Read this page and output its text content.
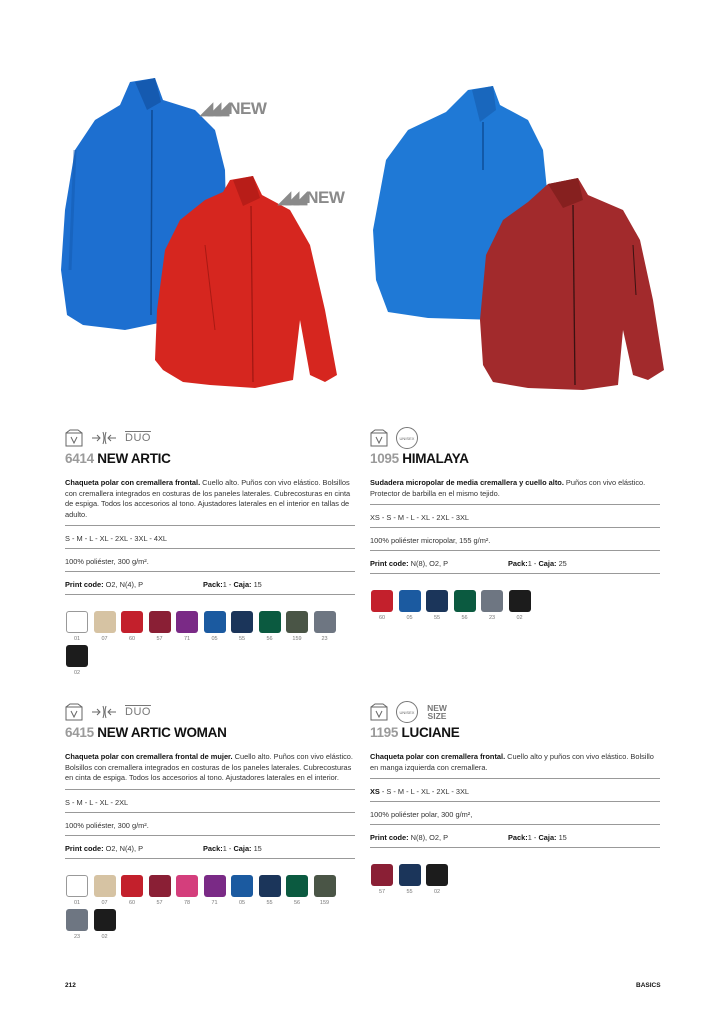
◢◢◢ NEW
◢◢◢ NEW
$\overline{DUO}$
6414 NEW ARTIC
Chaqueta polar con cremallera frontal. Cuello alto. Puños con vivo elástico. Bolsillos con cremallera integrados en costuras de los paneles laterales. Cubrecosturas en cinta de espiga. Todos los accesorios al tono. Ajustadores laterales en el interior en tallas de adulto.
S - M - L - XL - 2XL - 3XL - 4XL
100% poliéster, 300 g/m².
Print code: O2, N(4), P	Pack:1 - Caja: 15
01	07	60	57	71	05	55	56	159	23
02
UNISEX
1095 HIMALAYA
Sudadera micropolar de media cremallera y cuello alto. Puños con vivo elástico. Protector de barbilla en el mismo tejido.
XS - S - M - L - XL - 2XL - 3XL
100% poliéster micropolar, 155 g/m².
Print code: N(8), O2, P	Pack:1 - Caja: 25
60	05	55	56	23	02
$\overline{DUO}$
6415 NEW ARTIC WOMAN
Chaqueta polar con cremallera frontal de mujer. Cuello alto. Puños con vivo elástico. Bolsillos con cremallera integrados en costuras de los paneles laterales. Cubrecosturas en cinta de espiga. Todos los accesorios al tono. Ajustadores laterales en el interior.
S - M - L - XL - 2XL
100% poliéster, 300 g/m².
Print code: O2, N(4), P	Pack:1 - Caja: 15
01	07	60	57	78	71	05	55	56	159
23	02
UNISEX	NEW SIZE
1195 LUCIANE
Chaqueta polar con cremallera frontal. Cuello alto y puños con vivo elástico. Bolsillo en manga izquierda con cremallera.
XS - S - M - L - XL - 2XL - 3XL
100% poliéster polar, 300 g/m²,
Print code: N(8), O2, P	Pack:1 - Caja: 15
57	55	02
212	BASICS
